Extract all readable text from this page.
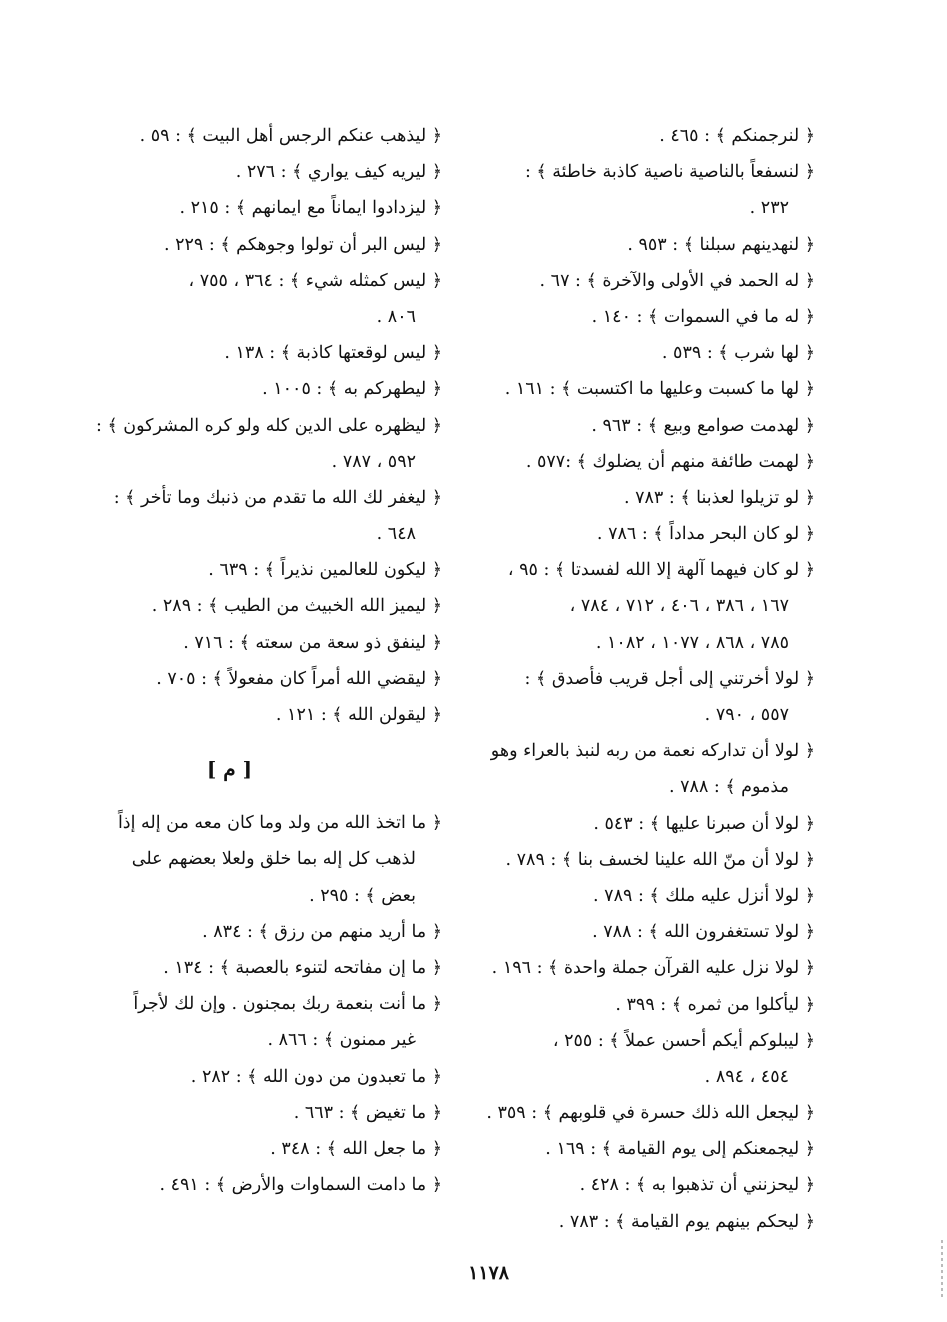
﴿ لنرجمنكم ﴾ : ٤٦٥ .
﴿ لنسفعاً بالناصية ناصية كاذبة خاطئة ﴾ :
٢٣٢ .
﴿ لنهدينهم سبلنا ﴾ : ٩٥٣ .
﴿ له الحمد في الأولى والآخرة ﴾ : ٦٧ .
﴿ له ما في السموات ﴾ : ١٤٠ .
﴿ لها شرب ﴾ : ٥٣٩ .
﴿ لها ما كسبت وعليها ما اكتسبت ﴾ : ١٦١ .
﴿ لهدمت صوامع وبيع ﴾ : ٩٦٣ .
﴿ لهمت طائفة منهم أن يضلوك ﴾ :٥٧٧ .
﴿ لو تزيلوا لعذبنا ﴾ : ٧٨٣ .
﴿ لو كان البحر مداداً ﴾ : ٧٨٦ .
﴿ لو كان فيهما آلهة إلا الله لفسدتا ﴾ : ٩٥ ،
١٦٧ ، ٣٨٦ ، ٤٠٦ ، ٧١٢ ، ٧٨٤ ،
٧٨٥ ، ٨٦٨ ، ١٠٧٧ ، ١٠٨٢ .
﴿ لولا أخرتني إلى أجل قريب فأصدق ﴾ :
٥٥٧ ، ٧٩٠ .
﴿ لولا أن تداركه نعمة من ربه لنبذ بالعراء وهو
مذموم ﴾ : ٧٨٨ .
﴿ لولا أن صبرنا عليها ﴾ : ٥٤٣ .
﴿ لولا أن منّ الله علينا لخسف بنا ﴾ : ٧٨٩ .
﴿ لولا أنزل عليه ملك ﴾ : ٧٨٩ .
﴿ لولا تستغفرون الله ﴾ : ٧٨٨ .
﴿ لولا نزل عليه القرآن جملة واحدة ﴾ : ١٩٦ .
﴿ ليأكلوا من ثمره ﴾ : ٣٩٩ .
﴿ ليبلوكم أيكم أحسن عملاً ﴾ : ٢٥٥ ،
٤٥٤ ، ٨٩٤ .
﴿ ليجعل الله ذلك حسرة في قلوبهم ﴾ : ٣٥٩ .
﴿ ليجمعنكم إلى يوم القيامة ﴾ : ١٦٩ .
﴿ ليحزنني أن تذهبوا به ﴾ : ٤٢٨ .
﴿ ليحكم بينهم يوم القيامة ﴾ : ٧٨٣ .
﴿ ليذهب عنكم الرجس أهل البيت ﴾ : ٥٩ .
﴿ ليريه كيف يواري ﴾ : ٢٧٦ .
﴿ ليزدادوا ايماناً مع ايمانهم ﴾ : ٢١٥ .
﴿ ليس البر أن تولوا وجوهكم ﴾ : ٢٢٩ .
﴿ ليس كمثله شيء ﴾ : ٣٦٤ ، ٧٥٥ ،
٨٠٦ .
﴿ ليس لوقعتها كاذبة ﴾ : ١٣٨ .
﴿ ليطهركم به ﴾ : ١٠٠٥ .
﴿ ليظهره على الدين كله ولو كره المشركون ﴾ :
٥٩٢ ، ٧٨٧ .
﴿ ليغفر لك الله ما تقدم من ذنبك وما تأخر ﴾ :
٦٤٨ .
﴿ ليكون للعالمين نذيراً ﴾ : ٦٣٩ .
﴿ ليميز الله الخبيث من الطيب ﴾ : ٢٨٩ .
﴿ لينفق ذو سعة من سعته ﴾ : ٧١٦ .
﴿ ليقضي الله أمراً كان مفعولاً ﴾ : ٧٠٥ .
﴿ ليقولن الله ﴾ : ١٢١ .
[ م ]
﴿ ما اتخذ الله من ولد وما كان معه من إله إذاً
لذهب كل إله بما خلق ولعلا بعضهم على
بعض ﴾ : ٢٩٥ .
﴿ ما أريد منهم من رزق ﴾ : ٨٣٤ .
﴿ ما إن مفاتحه لتنوء بالعصبة ﴾ : ١٣٤ .
﴿ ما أنت بنعمة ربك بمجنون . وإن لك لأجراً
غير ممنون ﴾ : ٨٦٦ .
﴿ ما تعبدون من دون الله ﴾ : ٢٨٢ .
﴿ ما تغيض ﴾ : ٦٦٣ .
﴿ ما جعل الله ﴾ : ٣٤٨ .
﴿ ما دامت السماوات والأرض ﴾ : ٤٩١ .
١١٧٨
